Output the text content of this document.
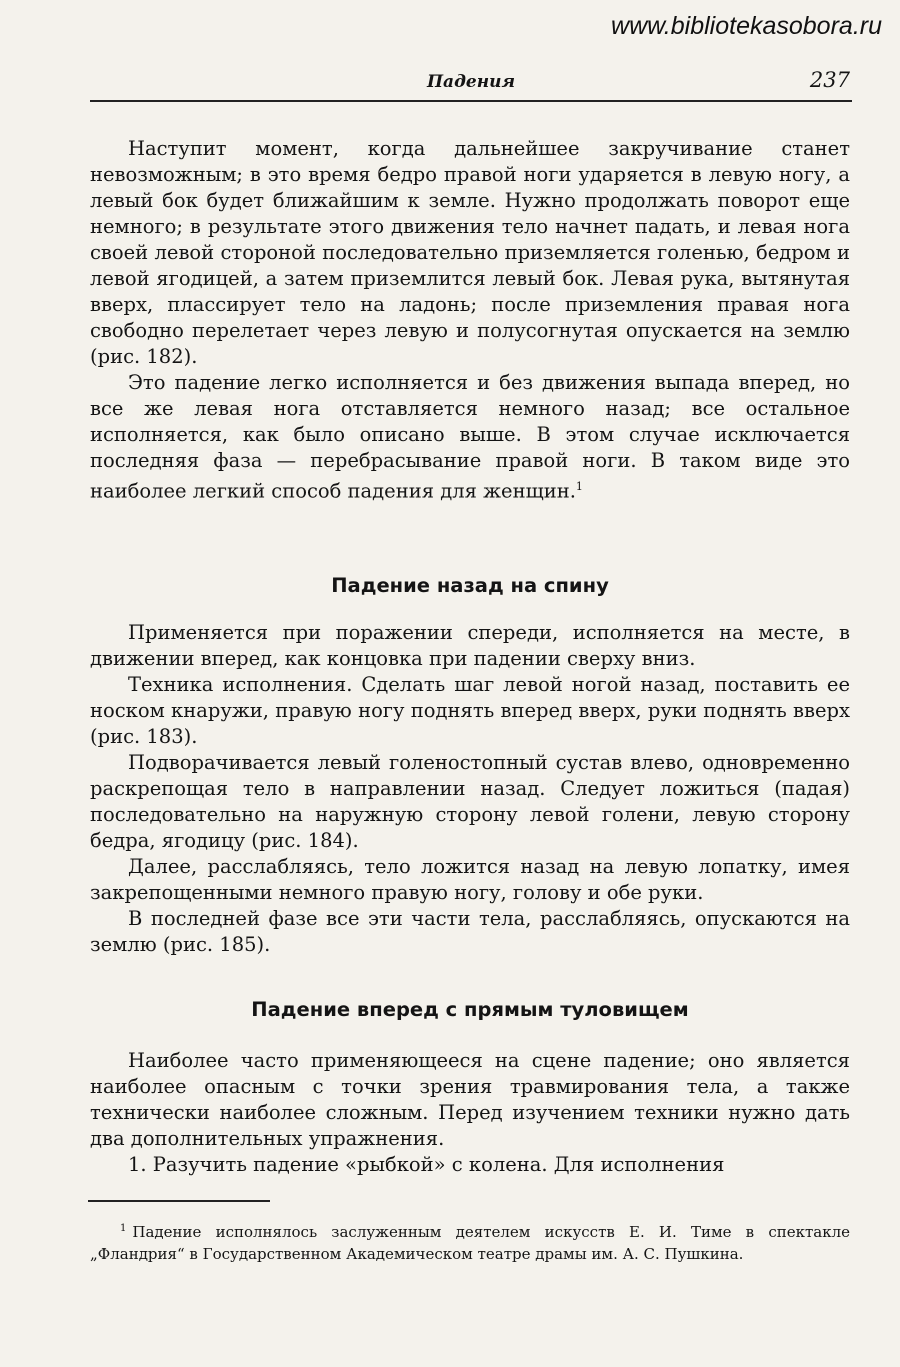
www.bibliotekasobora.ru
Падения	237

Наступит момент, когда дальнейшее закручивание станет невозможным; в это время бедро правой ноги ударяется в левую ногу, а левый бок будет ближайшим к земле. Нужно продолжать поворот еще немного; в результате этого движения тело начнет падать, и левая нога своей левой стороной последовательно приземляется голенью, бедром и левой ягодицей, а затем приземлится левый бок. Левая рука, вытянутая вверх, плассирует тело на ладонь; после приземления правая нога свободно перелетает через левую и полусогнутая опускается на землю (рис. 182).

Это падение легко исполняется и без движения выпада вперед, но все же левая нога отставляется немного назад; все остальное исполняется, как было описано выше. В этом случае исключается последняя фаза — перебрасывание правой ноги. В таком виде это наиболее легкий способ падения для женщин.$^1$

Падение назад на спину

Применяется при поражении спереди, исполняется на месте, в движении вперед, как концовка при падении сверху вниз.

Техника исполнения. Сделать шаг левой ногой назад, поставить ее носком кнаружи, правую ногу поднять вперед вверх, руки поднять вверх (рис. 183).

Подворачивается левый голеностопный сустав влево, одновременно раскрепощая тело в направлении назад. Следует ложиться (падая) последовательно на наружную сторону левой голени, левую сторону бедра, ягодицу (рис. 184).

Далее, расслабляясь, тело ложится назад на левую лопатку, имея закрепощенными немного правую ногу, голову и обе руки.

В последней фазе все эти части тела, расслабляясь, опускаются на землю (рис. 185).

Падение вперед с прямым туловищем

Наиболее часто применяющееся на сцене падение; оно является наиболее опасным с точки зрения травмирования тела, а также технически наиболее сложным. Перед изучением техники нужно дать два дополнительных упражнения.

1. Разучить падение «рыбкой» с колена. Для исполнения

$^1$ Падение исполнялось заслуженным деятелем искусств Е. И. Тиме в спектакле „Фландрия“ в Государственном Академическом театре драмы им. А. С. Пушкина.
